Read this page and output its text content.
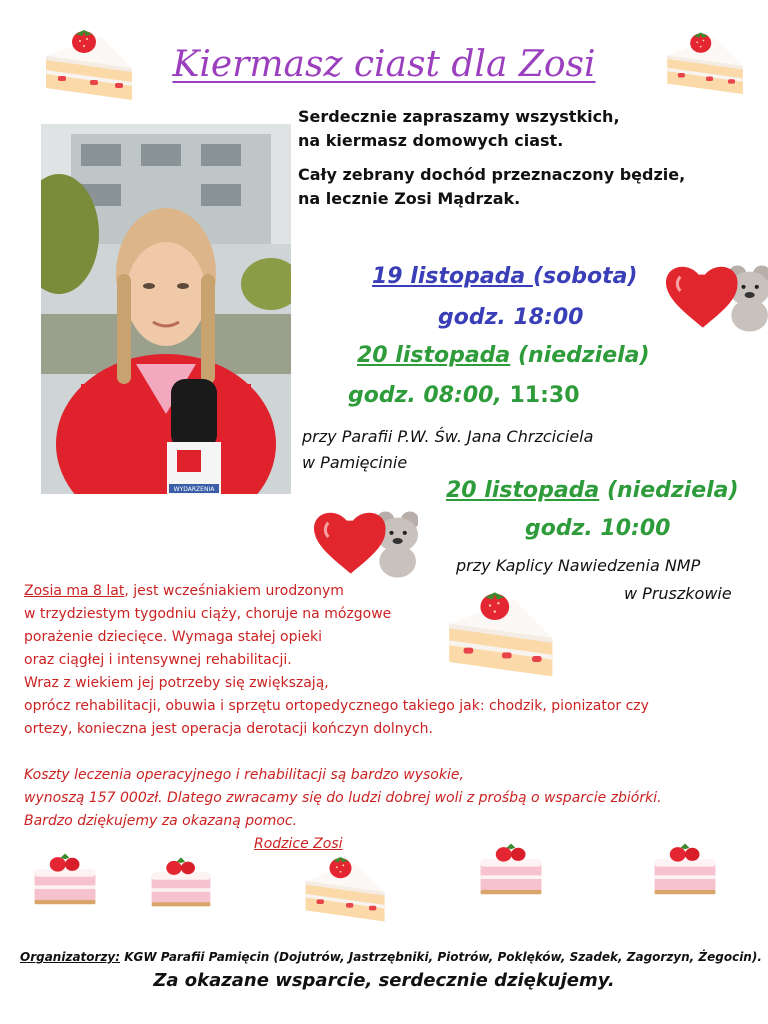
Kiermasz ciast dla Zosi

Serdecznie zapraszamy wszystkich,
na kiermasz domowych ciast.

Cały zebrany dochód przeznaczony będzie,
na lecznie Zosi Mądrzak.

WYDARZENIA
19 listopada (sobota)
godz. 18:00
20 listopada (niedziela)
godz. 08:00, 11:30
przy Parafii P.W. Św. Jana Chrzciciela
w Pamięcinie
20 listopada (niedziela)
godz. 10:00
przy Kaplicy Nawiedzenia NMP
w Pruszkowie
Zosia ma 8 lat, jest wcześniakiem urodzonym
w trzydziestym tygodniu ciąży, choruje na mózgowe
porażenie dziecięce. Wymaga stałej opieki
oraz ciągłej i intensywnej rehabilitacji.
Wraz z wiekiem jej potrzeby się zwiększają,
oprócz rehabilitacji, obuwia i sprzętu ortopedycznego takiego jak: chodzik, pionizator czy
ortezy, konieczna jest operacja derotacji kończyn dolnych.

Koszty leczenia operacyjnego i rehabilitacji są bardzo wysokie,
wynoszą 157 000zł. Dlatego zwracamy się do ludzi dobrej woli z prośbą o wsparcie zbiórki.
Bardzo dziękujemy za okazaną pomoc.
Rodzice Zosi
Organizatorzy: KGW Parafii Pamięcin (Dojutrów, Jastrzębniki, Piotrów, Poklęków, Szadek, Zagorzyn, Żegocin).
Za okazane wsparcie, serdecznie dziękujemy.
